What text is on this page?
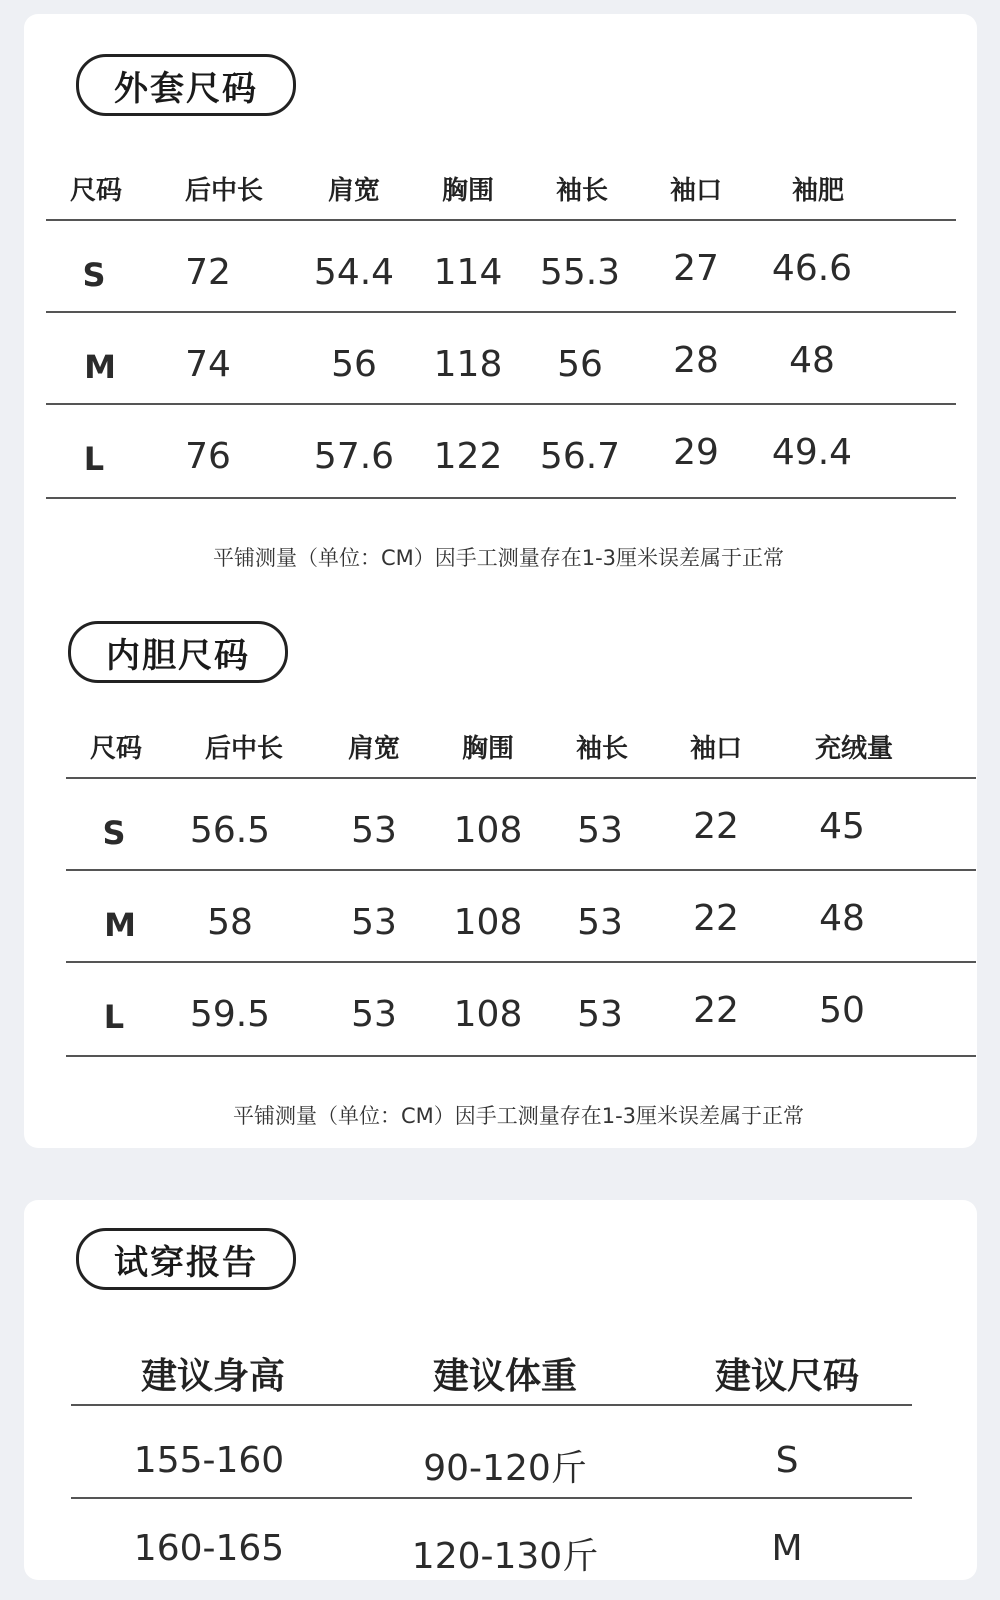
外套尺码
尺码 后中长 肩宽 胸围 袖长 袖口	袖肥
S 72 54.4 114 55.3 27 46.6
M 74	56 118 56 28 48
L 76 57.6 122 56.7 29 49.4
平铺测量（单位：CM）因手工测量存在1-3厘米误差属于正常
内胆尺码
尺码 后中长 肩宽 胸围 袖长 袖口	充绒量
S 56.5 53 108 53 22 45
M 58	53 108 53 22 48
L 59.5 53 108 53 22 50
平铺测量（单位：CM）因手工测量存在1-3厘米误差属于正常
试穿报告
建议身高	建议体重	建议尺码
155-160	90-120斤	S
160-165	120-130斤	M
